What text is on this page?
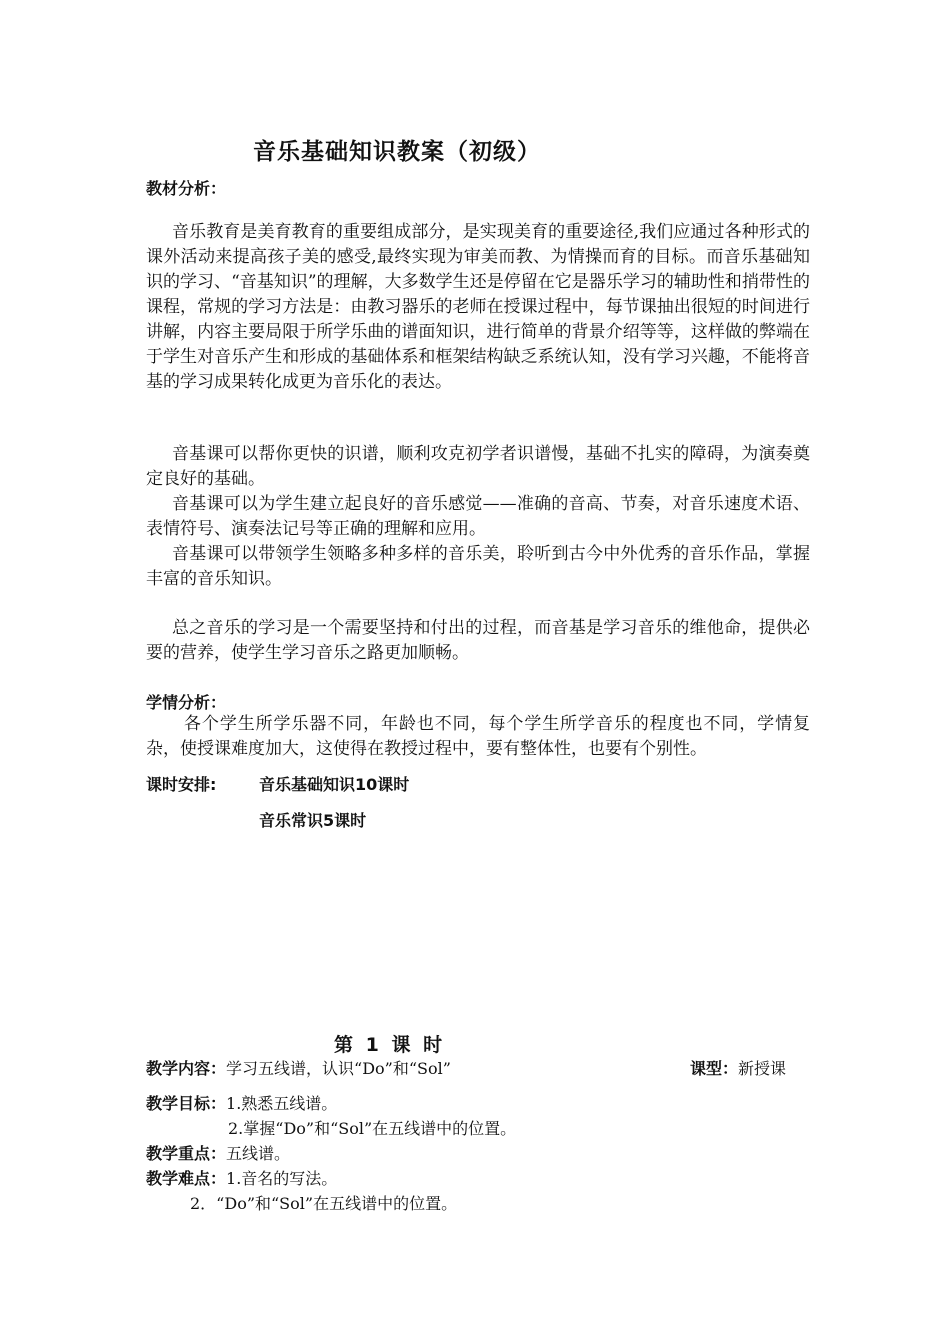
音乐基础知识教案（初级）
教材分析：
音乐教育是美育教育的重要组成部分，是实现美育的重要途径,我们应通过各种形式的课外活动来提高孩子美的感受,最终实现为审美而教、为情操而育的目标。而音乐基础知识的学习、“音基知识”的理解，大多数学生还是停留在它是器乐学习的辅助性和捎带性的课程，常规的学习方法是：由教习器乐的老师在授课过程中，每节课抽出很短的时间进行讲解，内容主要局限于所学乐曲的谱面知识，进行简单的背景介绍等等，这样做的弊端在于学生对音乐产生和形成的基础体系和框架结构缺乏系统认知，没有学习兴趣，不能将音基的学习成果转化成更为音乐化的表达。
音基课可以帮你更快的识谱，顺利攻克初学者识谱慢，基础不扎实的障碍，为演奏奠定良好的基础。
音基课可以为学生建立起良好的音乐感觉——准确的音高、节奏，对音乐速度术语、表情符号、演奏法记号等正确的理解和应用。
音基课可以带领学生领略多种多样的音乐美，聆听到古今中外优秀的音乐作品，掌握丰富的音乐知识。
总之音乐的学习是一个需要坚持和付出的过程，而音基是学习音乐的维他命，提供必要的营养，使学生学习音乐之路更加顺畅。
学情分析：
各个学生所学乐器不同，年龄也不同，每个学生所学音乐的程度也不同，学情复杂，使授课难度加大，这使得在教授过程中，要有整体性，也要有个别性。
课时安排:	音乐基础知识10课时
音乐常识5课时
第 1 课 时
教学内容：学习五线谱，认识“Do”和“Sol”	课型：新授课
教学目标：1.熟悉五线谱。
2.掌握“Do”和“Sol”在五线谱中的位置。
教学重点：五线谱。
教学难点：1.音名的写法。
2．“Do”和“Sol”在五线谱中的位置。
